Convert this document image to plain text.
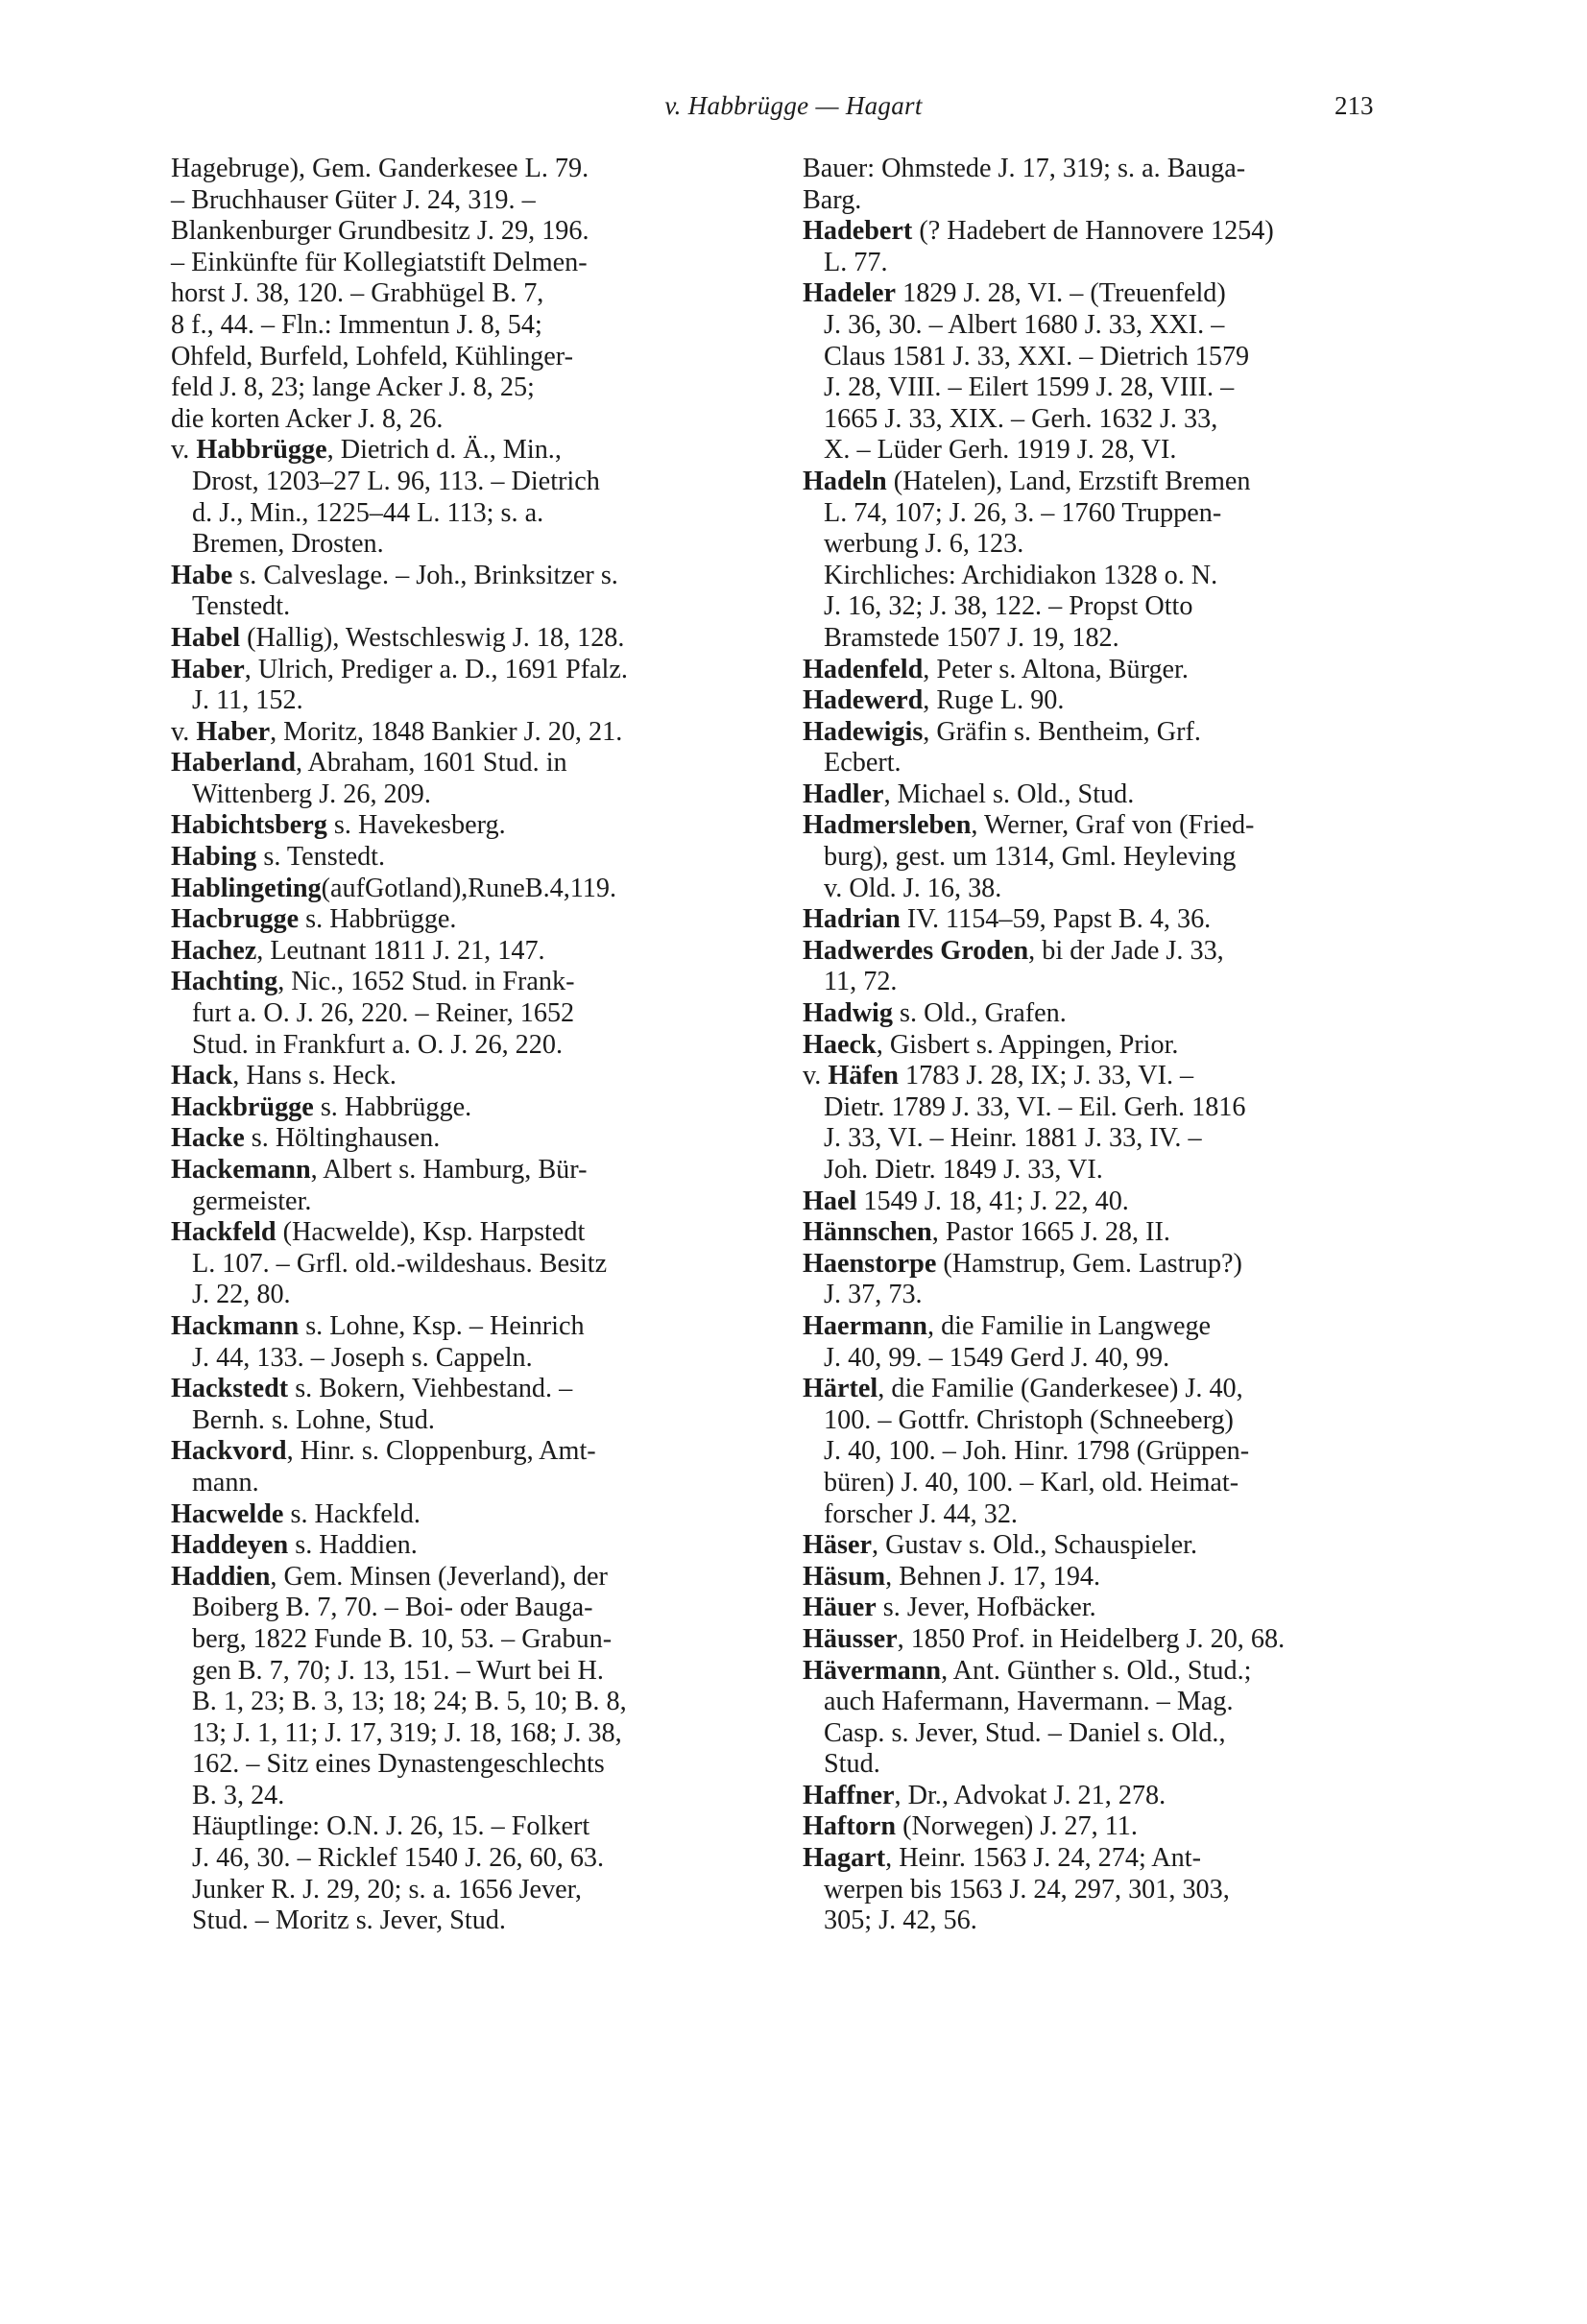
v. Habbrügge — Hagart	213
Hagebruge), Gem. Ganderkesee L. 79.
– Bruchhauser Güter J. 24, 319. –
Blankenburger Grundbesitz J. 29, 196.
– Einkünfte für Kollegiatstift Delmen-
horst J. 38, 120. – Grabhügel B. 7,
8 f., 44. – Fln.: Immentun J. 8, 54;
Ohfeld, Burfeld, Lohfeld, Kühlinger-
feld J. 8, 23; lange Acker J. 8, 25;
die korten Acker J. 8, 26.
v. Habbrügge, Dietrich d. Ä., Min.,
Drost, 1203–27 L. 96, 113. – Dietrich
d. J., Min., 1225–44 L. 113; s. a.
Bremen, Drosten.
Habe s. Calveslage. – Joh., Brinksitzer s.
Tenstedt.
Habel (Hallig), Westschleswig J. 18, 128.
Haber, Ulrich, Prediger a. D., 1691 Pfalz.
J. 11, 152.
v. Haber, Moritz, 1848 Bankier J. 20, 21.
Haberland, Abraham, 1601 Stud. in
Wittenberg J. 26, 209.
Habichtsberg s. Havekesberg.
Habing s. Tenstedt.
Hablingeting(aufGotland),RuneB.4,119.
Hacbrugge s. Habbrügge.
Hachez, Leutnant 1811 J. 21, 147.
Hachting, Nic., 1652 Stud. in Frank-
furt a. O. J. 26, 220. – Reiner, 1652
Stud. in Frankfurt a. O. J. 26, 220.
Hack, Hans s. Heck.
Hackbrügge s. Habbrügge.
Hacke s. Höltinghausen.
Hackemann, Albert s. Hamburg, Bür-
germeister.
Hackfeld (Hacwelde), Ksp. Harpstedt
L. 107. – Grfl. old.-wildeshaus. Besitz
J. 22, 80.
Hackmann s. Lohne, Ksp. – Heinrich
J. 44, 133. – Joseph s. Cappeln.
Hackstedt s. Bokern, Viehbestand. –
Bernh. s. Lohne, Stud.
Hackvord, Hinr. s. Cloppenburg, Amt-
mann.
Hacwelde s. Hackfeld.
Haddeyen s. Haddien.
Haddien, Gem. Minsen (Jeverland), der
Boiberg B. 7, 70. – Boi- oder Bauga-
berg, 1822 Funde B. 10, 53. – Grabun-
gen B. 7, 70; J. 13, 151. – Wurt bei H.
B. 1, 23; B. 3, 13; 18; 24; B. 5, 10; B. 8,
13; J. 1, 11; J. 17, 319; J. 18, 168; J. 38,
162. – Sitz eines Dynastengeschlechts
B. 3, 24.
Häuptlinge: O.N. J. 26, 15. – Folkert
J. 46, 30. – Ricklef 1540 J. 26, 60, 63.
Junker R. J. 29, 20; s. a. 1656 Jever,
Stud. – Moritz s. Jever, Stud.
Bauer: Ohmstede J. 17, 319; s. a. Bauga-
Barg.
Hadebert (? Hadebert de Hannovere 1254)
L. 77.
Hadeler 1829 J. 28, VI. – (Treuenfeld)
J. 36, 30. – Albert 1680 J. 33, XXI. –
Claus 1581 J. 33, XXI. – Dietrich 1579
J. 28, VIII. – Eilert 1599 J. 28, VIII. –
1665 J. 33, XIX. – Gerh. 1632 J. 33,
X. – Lüder Gerh. 1919 J. 28, VI.
Hadeln (Hatelen), Land, Erzstift Bremen
L. 74, 107; J. 26, 3. – 1760 Truppen-
werbung J. 6, 123.
Kirchliches: Archidiakon 1328 o. N.
J. 16, 32; J. 38, 122. – Propst Otto
Bramstede 1507 J. 19, 182.
Hadenfeld, Peter s. Altona, Bürger.
Hadewerd, Ruge L. 90.
Hadewigis, Gräfin s. Bentheim, Grf.
Ecbert.
Hadler, Michael s. Old., Stud.
Hadmersleben, Werner, Graf von (Fried-
burg), gest. um 1314, Gml. Heyleving
v. Old. J. 16, 38.
Hadrian IV. 1154–59, Papst B. 4, 36.
Hadwerdes Groden, bi der Jade J. 33,
11, 72.
Hadwig s. Old., Grafen.
Haeck, Gisbert s. Appingen, Prior.
v. Häfen 1783 J. 28, IX; J. 33, VI. –
Dietr. 1789 J. 33, VI. – Eil. Gerh. 1816
J. 33, VI. – Heinr. 1881 J. 33, IV. –
Joh. Dietr. 1849 J. 33, VI.
Hael 1549 J. 18, 41; J. 22, 40.
Hännschen, Pastor 1665 J. 28, II.
Haenstorpe (Hamstrup, Gem. Lastrup?)
J. 37, 73.
Haermann, die Familie in Langwege
J. 40, 99. – 1549 Gerd J. 40, 99.
Härtel, die Familie (Ganderkesee) J. 40,
100. – Gottfr. Christoph (Schneeberg)
J. 40, 100. – Joh. Hinr. 1798 (Grüppen-
büren) J. 40, 100. – Karl, old. Heimat-
forscher J. 44, 32.
Häser, Gustav s. Old., Schauspieler.
Häsum, Behnen J. 17, 194.
Häuer s. Jever, Hofbäcker.
Häusser, 1850 Prof. in Heidelberg J. 20, 68.
Hävermann, Ant. Günther s. Old., Stud.;
auch Hafermann, Havermann. – Mag.
Casp. s. Jever, Stud. – Daniel s. Old.,
Stud.
Haffner, Dr., Advokat J. 21, 278.
Haftorn (Norwegen) J. 27, 11.
Hagart, Heinr. 1563 J. 24, 274; Ant-
werpen bis 1563 J. 24, 297, 301, 303,
305; J. 42, 56.
